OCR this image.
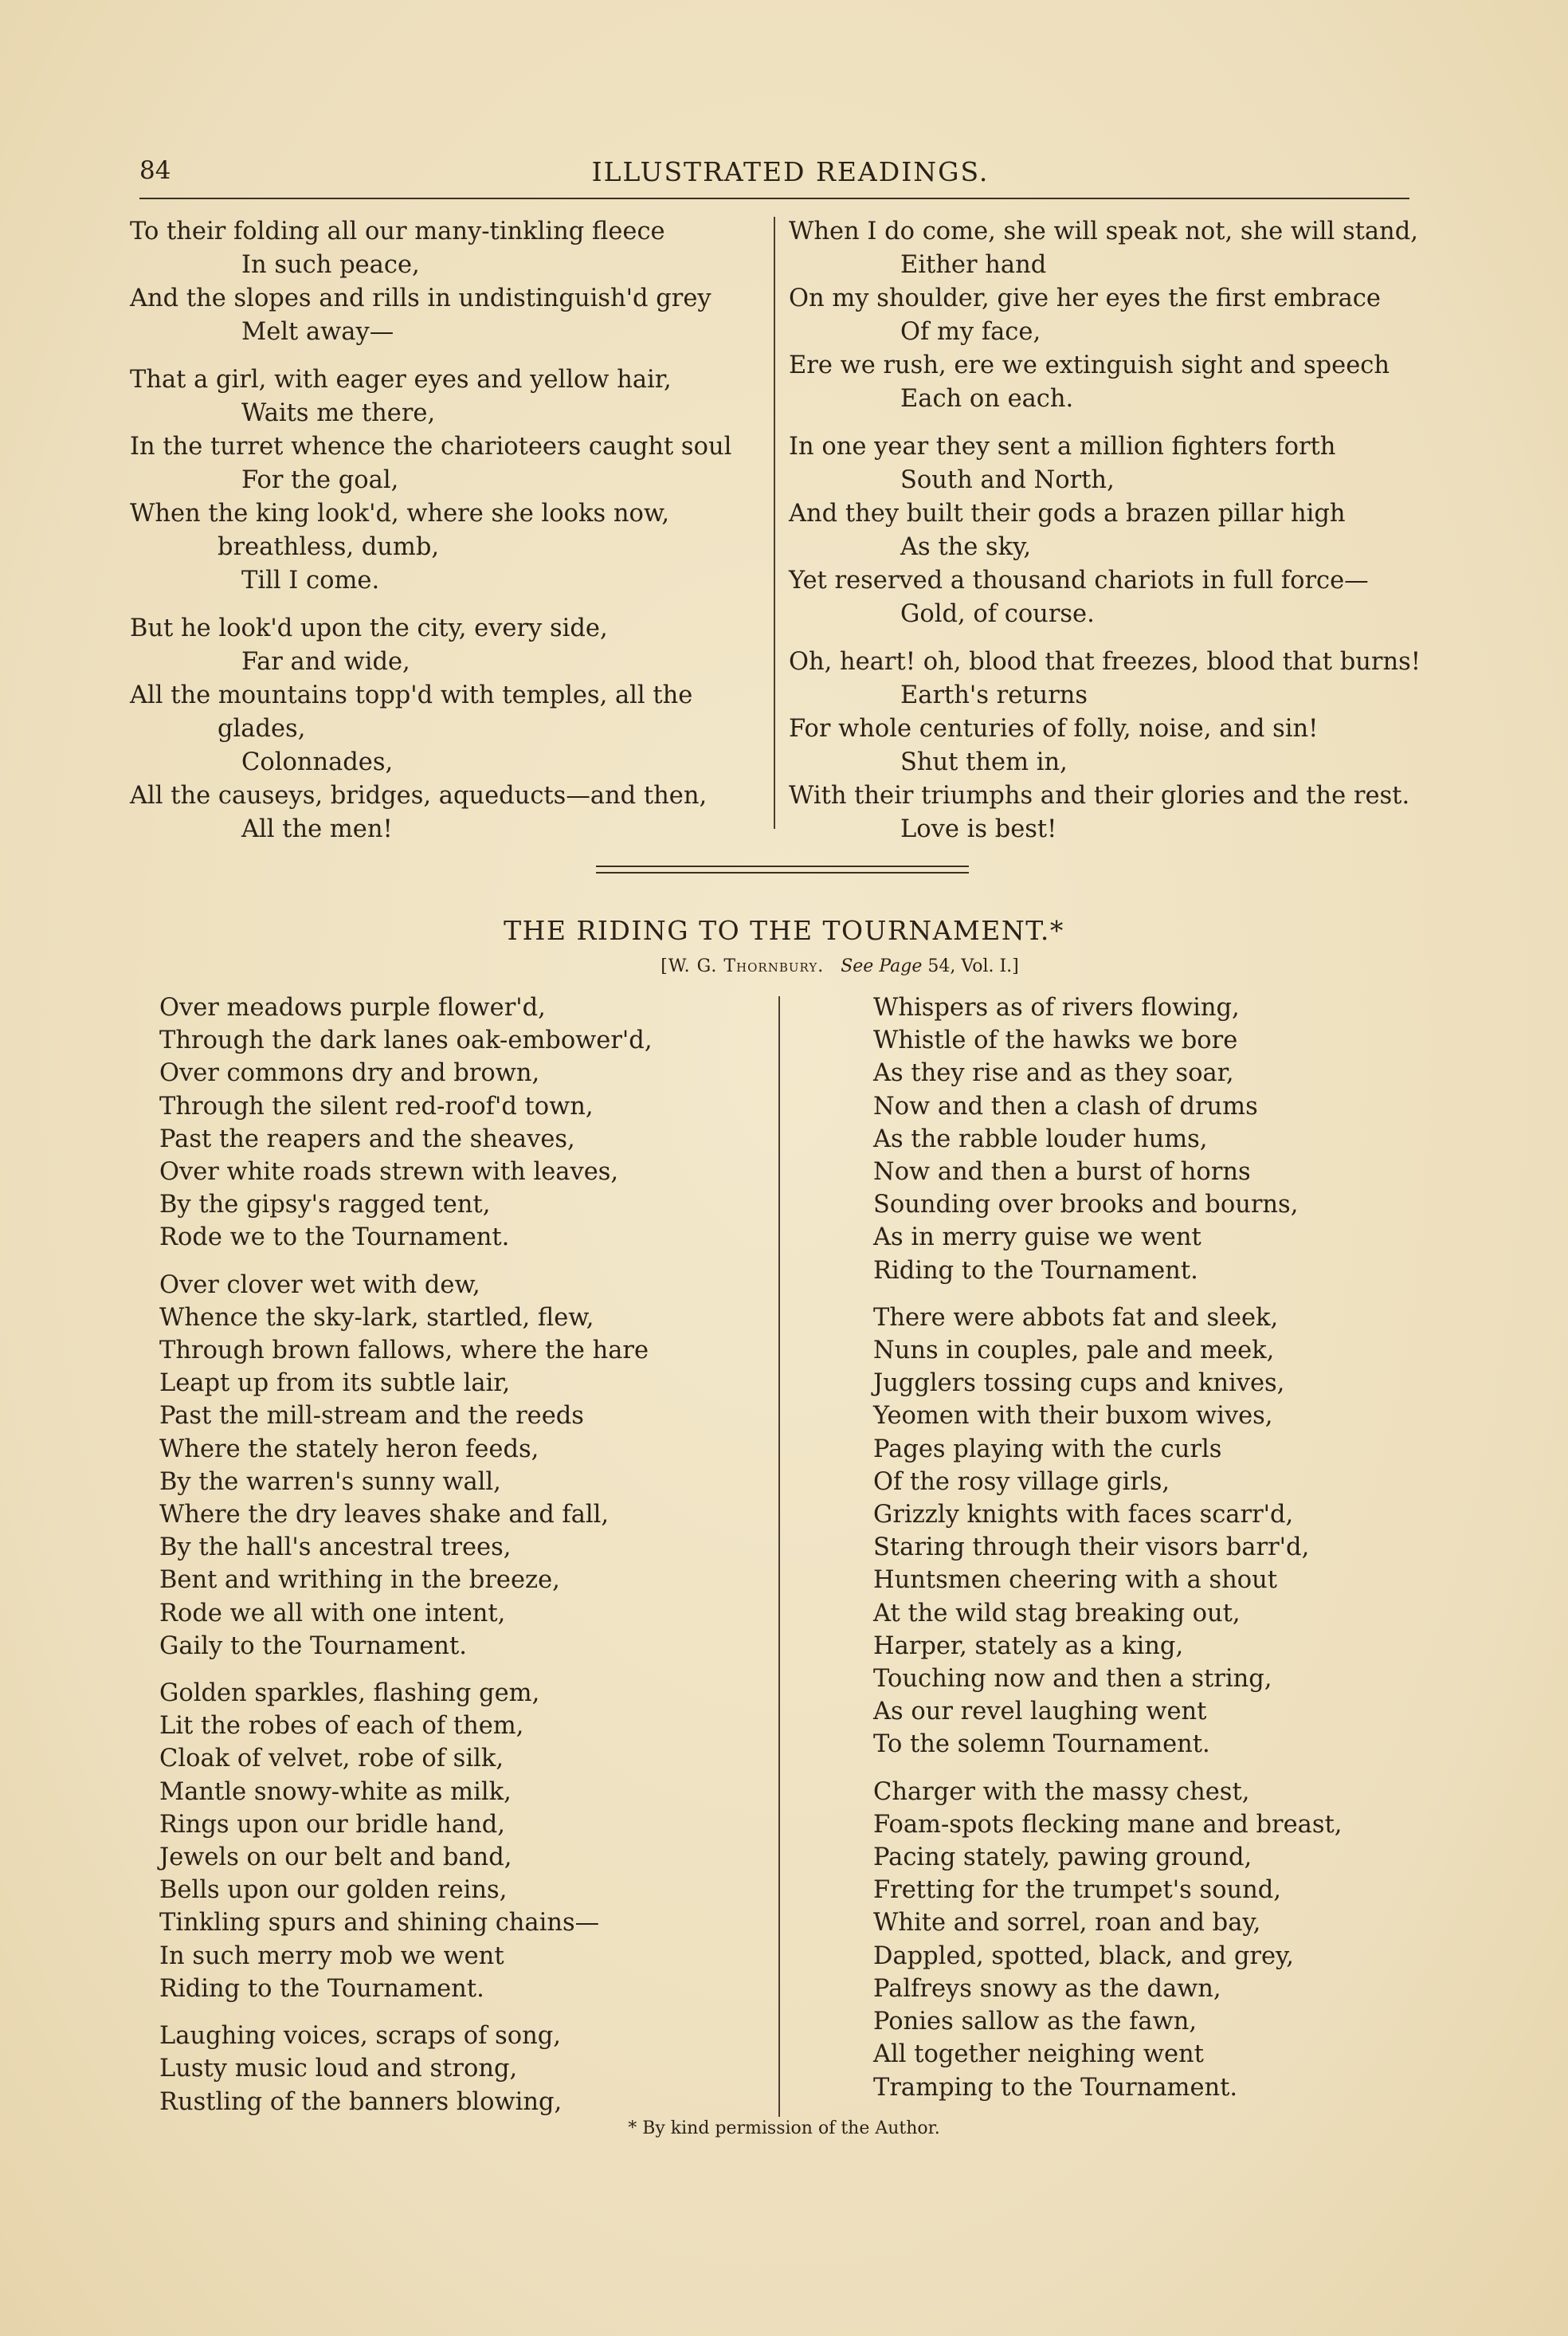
84	ILLUSTRATED READINGS.
To their folding all our many-tinkling fleece
In such peace,
And the slopes and rills in undistinguish'd grey
Melt away—
That a girl, with eager eyes and yellow hair,
Waits me there,
In the turret whence the charioteers caught soul
For the goal,
When the king look'd, where she looks now,
breathless, dumb,
Till I come.
But he look'd upon the city, every side,
Far and wide,
All the mountains topp'd with temples, all the
glades,
Colonnades,
All the causeys, bridges, aqueducts—and then,
All the men!
When I do come, she will speak not, she will stand,
Either hand
On my shoulder, give her eyes the first embrace
Of my face,
Ere we rush, ere we extinguish sight and speech
Each on each.
In one year they sent a million fighters forth
South and North,
And they built their gods a brazen pillar high
As the sky,
Yet reserved a thousand chariots in full force—
Gold, of course.
Oh, heart! oh, blood that freezes, blood that burns!
Earth's returns
For whole centuries of folly, noise, and sin!
Shut them in,
With their triumphs and their glories and the rest.
Love is best!
THE RIDING TO THE TOURNAMENT.*
[W. G. Thornbury. See Page 54, Vol. I.]
Over meadows purple flower'd,
Through the dark lanes oak-embower'd,
Over commons dry and brown,
Through the silent red-roof'd town,
Past the reapers and the sheaves,
Over white roads strewn with leaves,
By the gipsy's ragged tent,
Rode we to the Tournament.
Over clover wet with dew,
Whence the sky-lark, startled, flew,
Through brown fallows, where the hare
Leapt up from its subtle lair,
Past the mill-stream and the reeds
Where the stately heron feeds,
By the warren's sunny wall,
Where the dry leaves shake and fall,
By the hall's ancestral trees,
Bent and writhing in the breeze,
Rode we all with one intent,
Gaily to the Tournament.
Golden sparkles, flashing gem,
Lit the robes of each of them,
Cloak of velvet, robe of silk,
Mantle snowy-white as milk,
Rings upon our bridle hand,
Jewels on our belt and band,
Bells upon our golden reins,
Tinkling spurs and shining chains—
In such merry mob we went
Riding to the Tournament.
Laughing voices, scraps of song,
Lusty music loud and strong,
Rustling of the banners blowing,
Whispers as of rivers flowing,
Whistle of the hawks we bore
As they rise and as they soar,
Now and then a clash of drums
As the rabble louder hums,
Now and then a burst of horns
Sounding over brooks and bourns,
As in merry guise we went
Riding to the Tournament.
There were abbots fat and sleek,
Nuns in couples, pale and meek,
Jugglers tossing cups and knives,
Yeomen with their buxom wives,
Pages playing with the curls
Of the rosy village girls,
Grizzly knights with faces scarr'd,
Staring through their visors barr'd,
Huntsmen cheering with a shout
At the wild stag breaking out,
Harper, stately as a king,
Touching now and then a string,
As our revel laughing went
To the solemn Tournament.
Charger with the massy chest,
Foam-spots flecking mane and breast,
Pacing stately, pawing ground,
Fretting for the trumpet's sound,
White and sorrel, roan and bay,
Dappled, spotted, black, and grey,
Palfreys snowy as the dawn,
Ponies sallow as the fawn,
All together neighing went
Tramping to the Tournament.
* By kind permission of the Author.
